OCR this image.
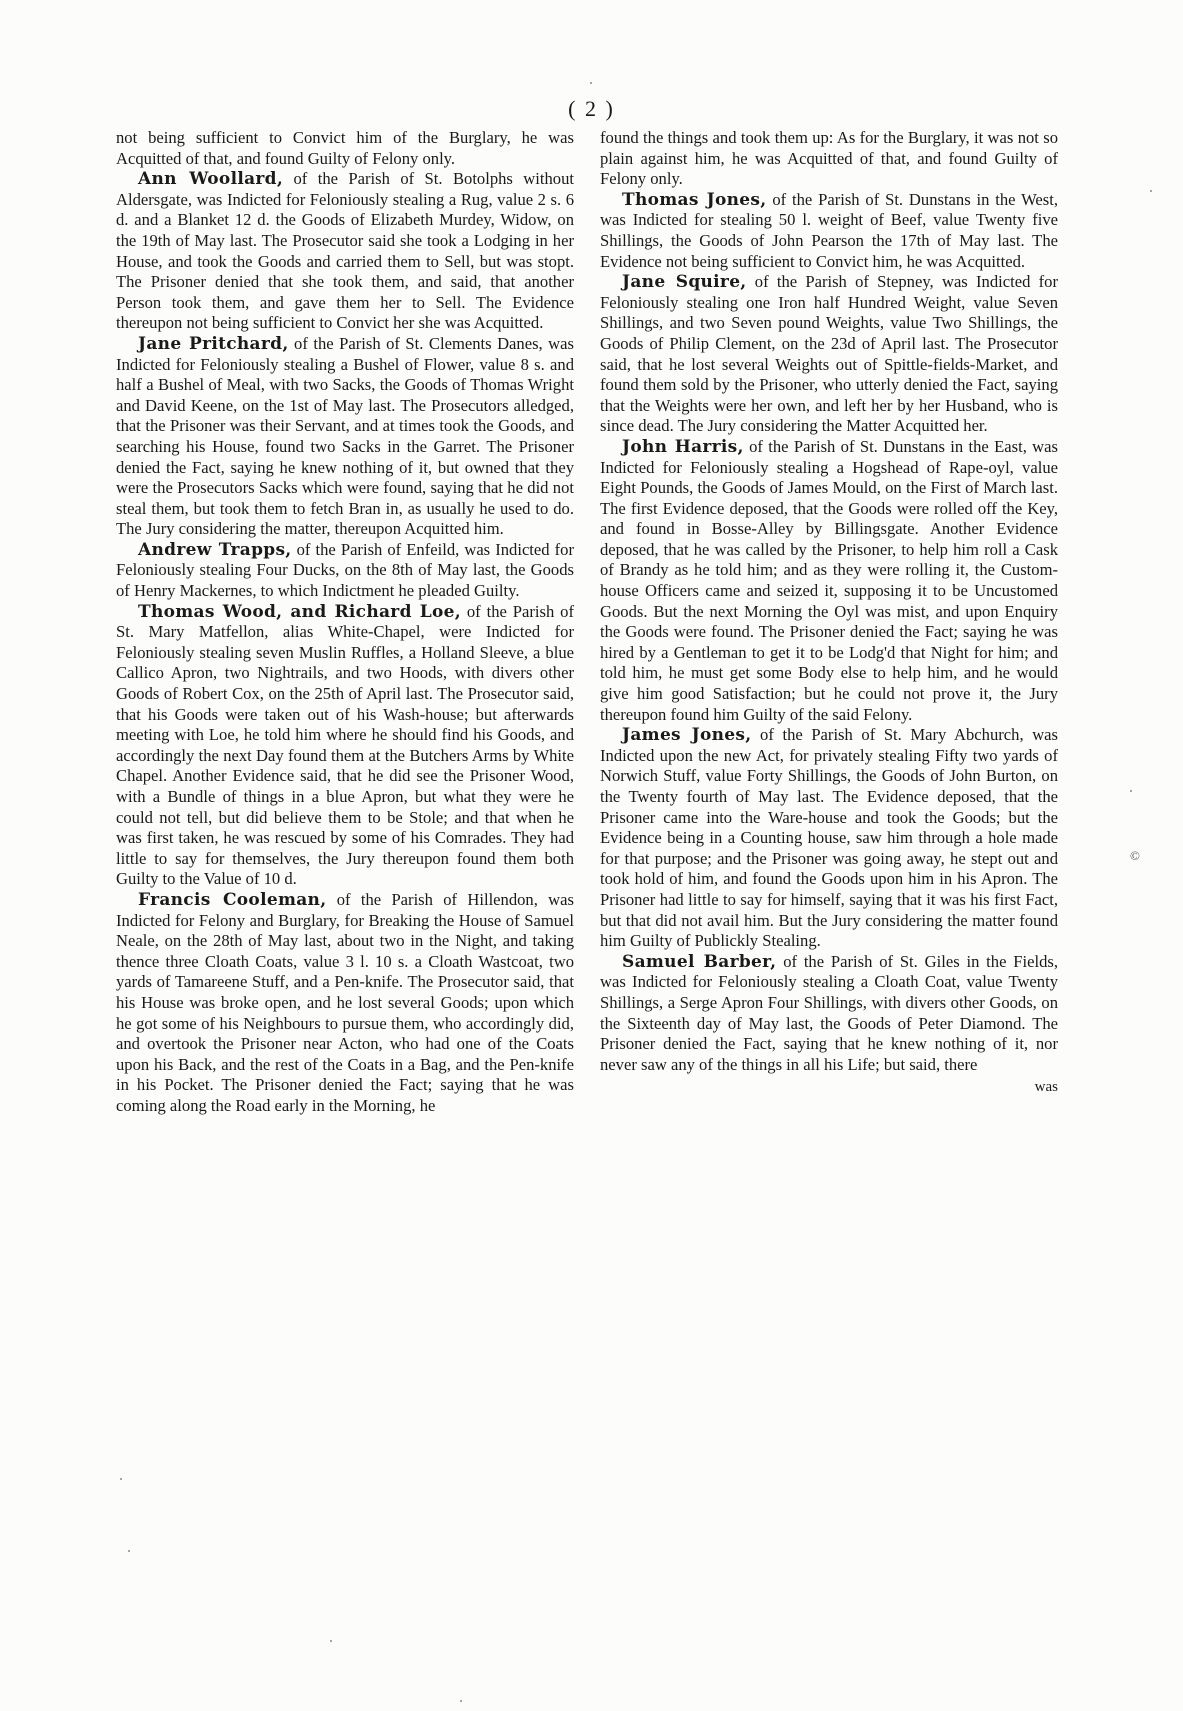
( 2 )

not being sufficient to Convict him of the Burglary, he was Acquitted of that, and found Guilty of Felony only.

Ann Woollard, of the Parish of St. Botolphs without Aldersgate, was Indicted for Feloniously stealing a Rug, value 2 s. 6 d. and a Blanket 12 d. the Goods of Elizabeth Murdey, Widow, on the 19th of May last. The Prosecutor said she took a Lodging in her House, and took the Goods and carried them to Sell, but was stopt. The Prisoner denied that she took them, and said, that another Person took them, and gave them her to Sell. The Evidence thereupon not being sufficient to Convict her she was Acquitted.

Jane Pritchard, of the Parish of St. Clements Danes, was Indicted for Feloniously stealing a Bushel of Flower, value 8 s. and half a Bushel of Meal, with two Sacks, the Goods of Thomas Wright and David Keene, on the 1st of May last. The Prosecutors alledged, that the Prisoner was their Servant, and at times took the Goods, and searching his House, found two Sacks in the Garret. The Prisoner denied the Fact, saying he knew nothing of it, but owned that they were the Prosecutors Sacks which were found, saying that he did not steal them, but took them to fetch Bran in, as usually he used to do. The Jury considering the matter, thereupon Acquitted him.

Andrew Trapps, of the Parish of Enfeild, was Indicted for Feloniously stealing Four Ducks, on the 8th of May last, the Goods of Henry Mackernes, to which Indictment he pleaded Guilty.

Thomas Wood, and Richard Loe, of the Parish of St. Mary Matfellon, alias White-Chapel, were Indicted for Feloniously stealing seven Muslin Ruffles, a Holland Sleeve, a blue Callico Apron, two Nightrails, and two Hoods, with divers other Goods of Robert Cox, on the 25th of April last. The Prosecutor said, that his Goods were taken out of his Wash-house; but afterwards meeting with Loe, he told him where he should find his Goods, and accordingly the next Day found them at the Butchers Arms by White Chapel. Another Evidence said, that he did see the Prisoner Wood, with a Bundle of things in a blue Apron, but what they were he could not tell, but did believe them to be Stole; and that when he was first taken, he was rescued by some of his Comrades. They had little to say for themselves, the Jury thereupon found them both Guilty to the Value of 10 d.

Francis Cooleman, of the Parish of Hillendon, was Indicted for Felony and Burglary, for Breaking the House of Samuel Neale, on the 28th of May last, about two in the Night, and taking thence three Cloath Coats, value 3 l. 10 s. a Cloath Wastcoat, two yards of Tamareene Stuff, and a Pen-knife. The Prosecutor said, that his House was broke open, and he lost several Goods; upon which he got some of his Neighbours to pursue them, who accordingly did, and overtook the Prisoner near Acton, who had one of the Coats upon his Back, and the rest of the Coats in a Bag, and the Pen-knife in his Pocket. The Prisoner denied the Fact; saying that he was coming along the Road early in the Morning, he

found the things and took them up: As for the Burglary, it was not so plain against him, he was Acquitted of that, and found Guilty of Felony only.

Thomas Jones, of the Parish of St. Dunstans in the West, was Indicted for stealing 50 l. weight of Beef, value Twenty five Shillings, the Goods of John Pearson the 17th of May last. The Evidence not being sufficient to Convict him, he was Acquitted.

Jane Squire, of the Parish of Stepney, was Indicted for Feloniously stealing one Iron half Hundred Weight, value Seven Shillings, and two Seven pound Weights, value Two Shillings, the Goods of Philip Clement, on the 23d of April last. The Prosecutor said, that he lost several Weights out of Spittle-fields-Market, and found them sold by the Prisoner, who utterly denied the Fact, saying that the Weights were her own, and left her by her Husband, who is since dead. The Jury considering the Matter Acquitted her.

John Harris, of the Parish of St. Dunstans in the East, was Indicted for Feloniously stealing a Hogshead of Rape-oyl, value Eight Pounds, the Goods of James Mould, on the First of March last. The first Evidence deposed, that the Goods were rolled off the Key, and found in Bosse-Alley by Billingsgate. Another Evidence deposed, that he was called by the Prisoner, to help him roll a Cask of Brandy as he told him; and as they were rolling it, the Custom-house Officers came and seized it, supposing it to be Uncustomed Goods. But the next Morning the Oyl was mist, and upon Enquiry the Goods were found. The Prisoner denied the Fact; saying he was hired by a Gentleman to get it to be Lodg'd that Night for him; and told him, he must get some Body else to help him, and he would give him good Satisfaction; but he could not prove it, the Jury thereupon found him Guilty of the said Felony.

James Jones, of the Parish of St. Mary Abchurch, was Indicted upon the new Act, for privately stealing Fifty two yards of Norwich Stuff, value Forty Shillings, the Goods of John Burton, on the Twenty fourth of May last. The Evidence deposed, that the Prisoner came into the Ware-house and took the Goods; but the Evidence being in a Counting house, saw him through a hole made for that purpose; and the Prisoner was going away, he stept out and took hold of him, and found the Goods upon him in his Apron. The Prisoner had little to say for himself, saying that it was his first Fact, but that did not avail him. But the Jury considering the matter found him Guilty of Publickly Stealing.

Samuel Barber, of the Parish of St. Giles in the Fields, was Indicted for Feloniously stealing a Cloath Coat, value Twenty Shillings, a Serge Apron Four Shillings, with divers other Goods, on the Sixteenth day of May last, the Goods of Peter Diamond. The Prisoner denied the Fact, saying that he knew nothing of it, nor never saw any of the things in all his Life; but said, there

was
©
